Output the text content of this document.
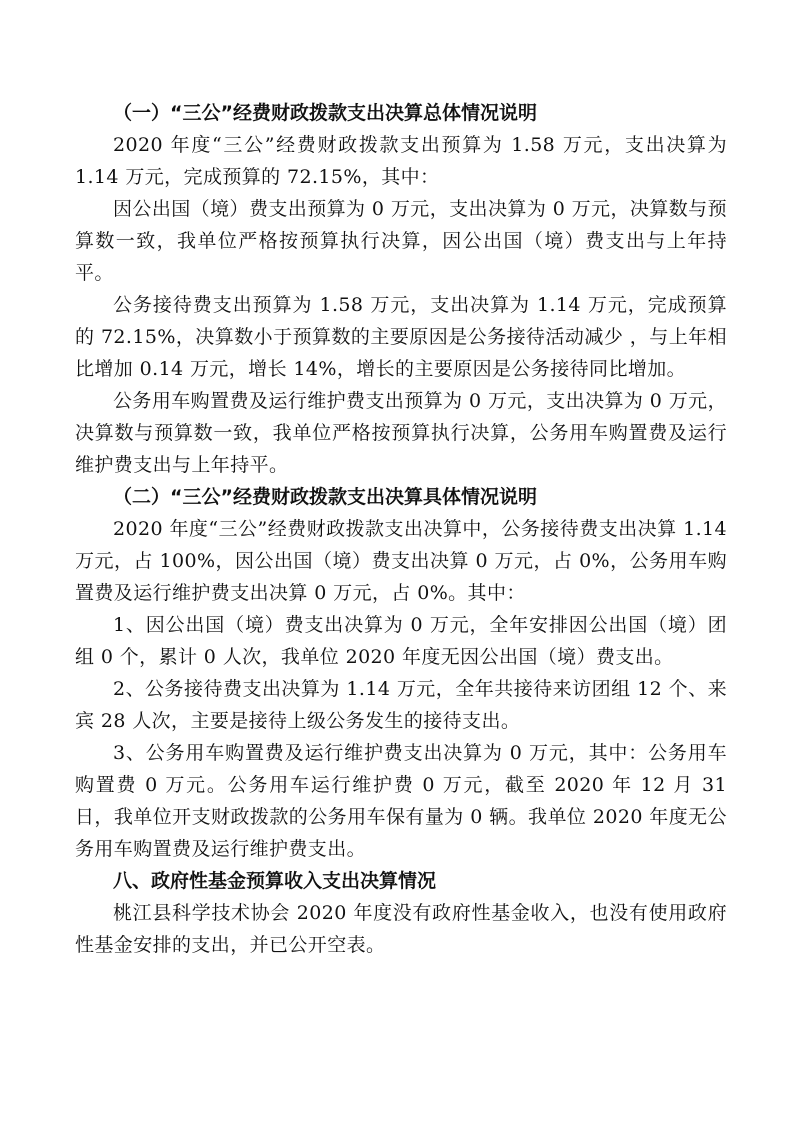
（一）“三公”经费财政拨款支出决算总体情况说明

2020 年度“三公”经费财政拨款支出预算为 1.58 万元，支出决算为 1.14 万元，完成预算的 72.15%，其中：

因公出国（境）费支出预算为 0 万元，支出决算为 0 万元，决算数与预算数一致，我单位严格按预算执行决算，因公出国（境）费支出与上年持平。

公务接待费支出预算为 1.58 万元，支出决算为 1.14 万元，完成预算的 72.15%，决算数小于预算数的主要原因是公务接待活动减少 ，与上年相比增加 0.14 万元，增长 14%，增长的主要原因是公务接待同比增加。

公务用车购置费及运行维护费支出预算为 0 万元，支出决算为 0 万元，决算数与预算数一致，我单位严格按预算执行决算，公务用车购置费及运行维护费支出与上年持平。

（二）“三公”经费财政拨款支出决算具体情况说明

2020 年度“三公”经费财政拨款支出决算中，公务接待费支出决算 1.14 万元，占 100%，因公出国（境）费支出决算 0 万元，占 0%，公务用车购置费及运行维护费支出决算 0 万元，占 0%。其中：

1、因公出国（境）费支出决算为 0 万元，全年安排因公出国（境）团组 0 个，累计 0 人次，我单位 2020 年度无因公出国（境）费支出。

2、公务接待费支出决算为 1.14 万元，全年共接待来访团组 12 个、来宾 28 人次，主要是接待上级公务发生的接待支出。

3、公务用车购置费及运行维护费支出决算为 0 万元，其中：公务用车购置费 0 万元。公务用车运行维护费 0 万元，截至 2020 年 12 月 31 日，我单位开支财政拨款的公务用车保有量为 0 辆。我单位 2020 年度无公务用车购置费及运行维护费支出。

八、政府性基金预算收入支出决算情况

桃江县科学技术协会 2020 年度没有政府性基金收入，也没有使用政府性基金安排的支出，并已公开空表。
